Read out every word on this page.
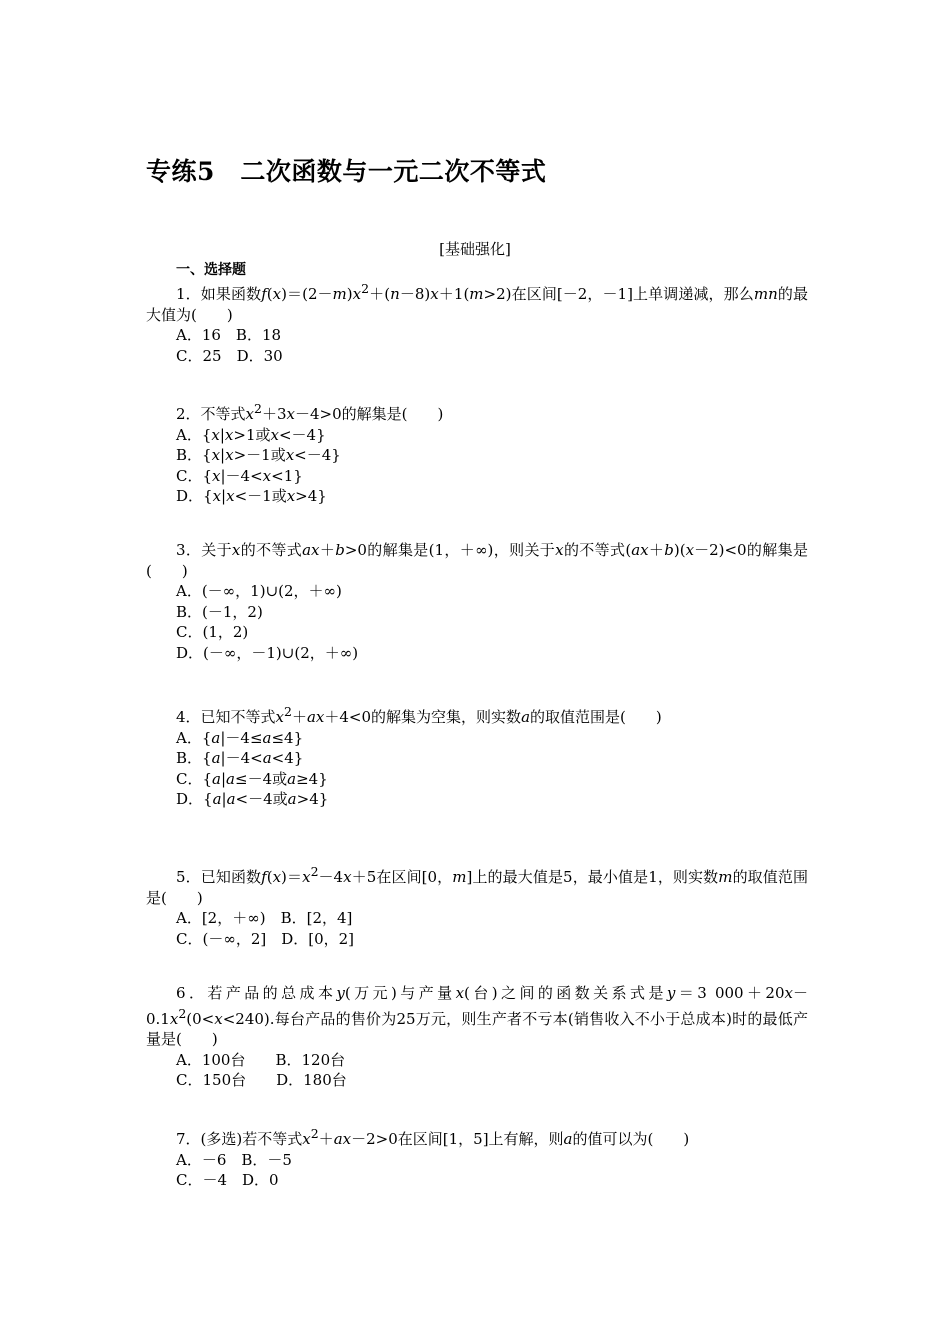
专练5　二次函数与一元二次不等式
[基础强化]
一、选择题
1．如果函数$f(x)=(2-m)x^2+(n-8)x+1(m>2)$在区间[－2，－1]上单调递减，那么mn的最大值为(　　)
A．16　B．18
C．25　D．30
2．不等式$x^2+3x-4>0$的解集是(　　)
A．{x|x>1或x<－4}
B．{x|x>－1或x<－4}
C．{x|－4<x<1}
D．{x|x<－1或x>4}
3．关于x的不等式ax＋b>0的解集是(1，＋∞)，则关于x的不等式(ax＋b)(x－2)<0的解集是(　　)
A．(－∞，1)∪(2，＋∞)
B．(－1，2)
C．(1，2)
D．(－∞，－1)∪(2，＋∞)
4．已知不等式$x^2+ax+4<0$的解集为空集，则实数a的取值范围是(　　)
A．{a|－4≤a≤4}
B．{a|－4<a<4}
C．{a|a≤－4或a≥4}
D．{a|a<－4或a>4}
5．已知函数$f(x)=x^2-4x+5$在区间[0，m]上的最大值是5，最小值是1，则实数m的取值范围是(　　)
A．[2，＋∞)　B．[2，4]
C．(－∞，2]　D．[0，2]
6．若产品的总成本y(万元)与产量x(台)之间的函数关系式是y＝3 $000+20x-0.1x^2(0<x<240)$.每台产品的售价为25万元，则生产者不亏本(销售收入不小于总成本)时的最低产量是(　　)
A．100台　　B．120台
C．150台　　D．180台
7．(多选)若不等式$x^2+ax-2>0$在区间[1，5]上有解，则a的值可以为(　　)
A．－6　B．－5
C．－4　D．0
